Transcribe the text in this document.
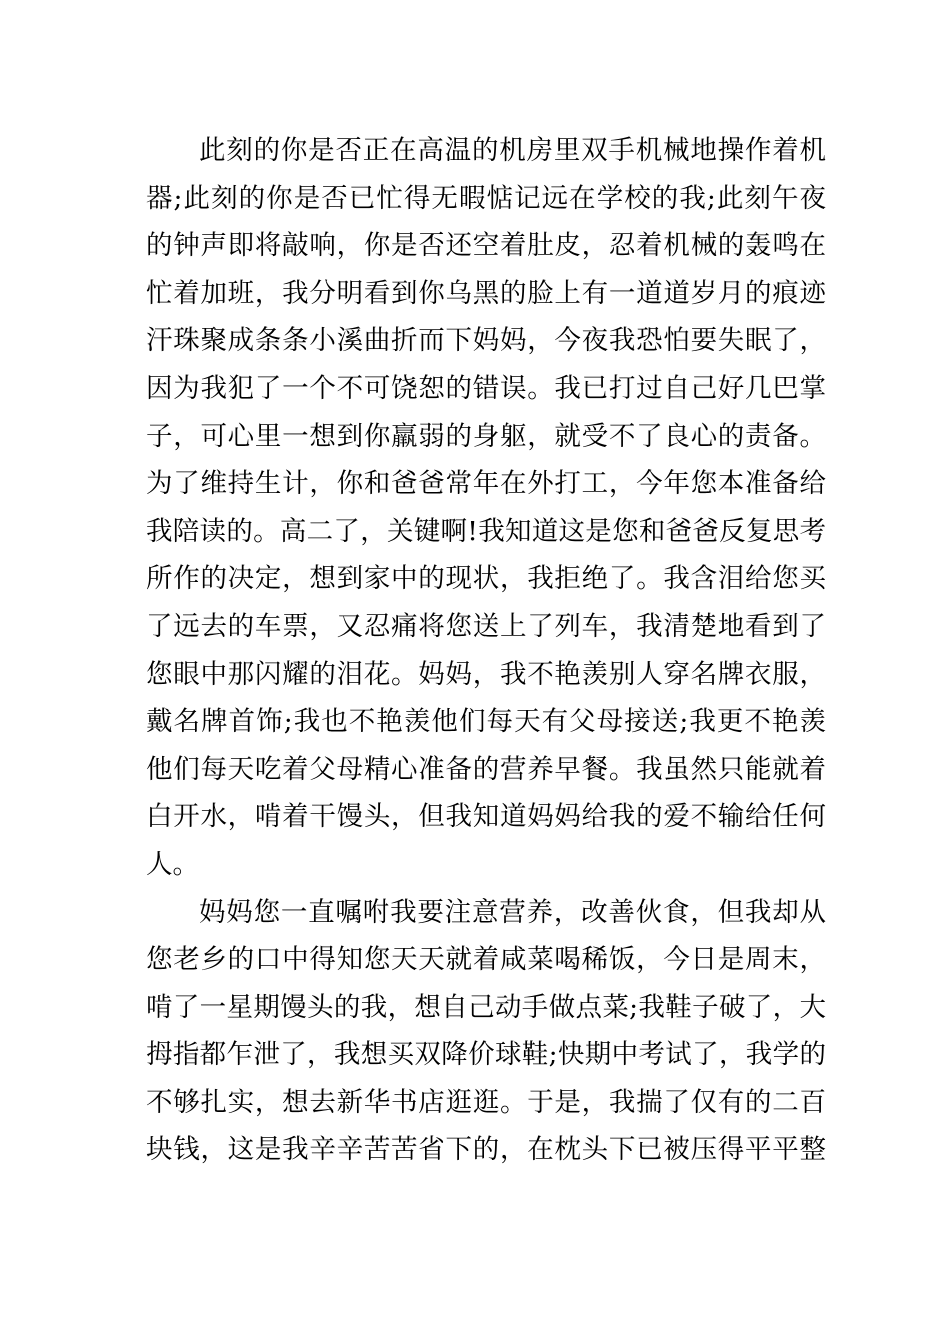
此刻的你是否正在高温的机房里双手机械地操作着机
器;此刻的你是否已忙得无暇惦记远在学校的我;此刻午夜
的钟声即将敲响，你是否还空着肚皮，忍着机械的轰鸣在
忙着加班，我分明看到你乌黑的脸上有一道道岁月的痕迹
汗珠聚成条条小溪曲折而下妈妈，今夜我恐怕要失眠了，
因为我犯了一个不可饶恕的错误。我已打过自己好几巴掌
子，可心里一想到你羸弱的身躯，就受不了良心的责备。
为了维持生计，你和爸爸常年在外打工，今年您本准备给
我陪读的。高二了，关键啊!我知道这是您和爸爸反复思考
所作的决定，想到家中的现状，我拒绝了。我含泪给您买
了远去的车票，又忍痛将您送上了列车，我清楚地看到了
您眼中那闪耀的泪花。妈妈，我不艳羡别人穿名牌衣服，
戴名牌首饰;我也不艳羡他们每天有父母接送;我更不艳羡
他们每天吃着父母精心准备的营养早餐。我虽然只能就着
白开水，啃着干馒头，但我知道妈妈给我的爱不输给任何
人。
妈妈您一直嘱咐我要注意营养，改善伙食，但我却从
您老乡的口中得知您天天就着咸菜喝稀饭，今日是周末，
啃了一星期馒头的我，想自己动手做点菜;我鞋子破了，大
拇指都乍泄了，我想买双降价球鞋;快期中考试了，我学的
不够扎实，想去新华书店逛逛。于是，我揣了仅有的二百
块钱，这是我辛辛苦苦省下的，在枕头下已被压得平平整
